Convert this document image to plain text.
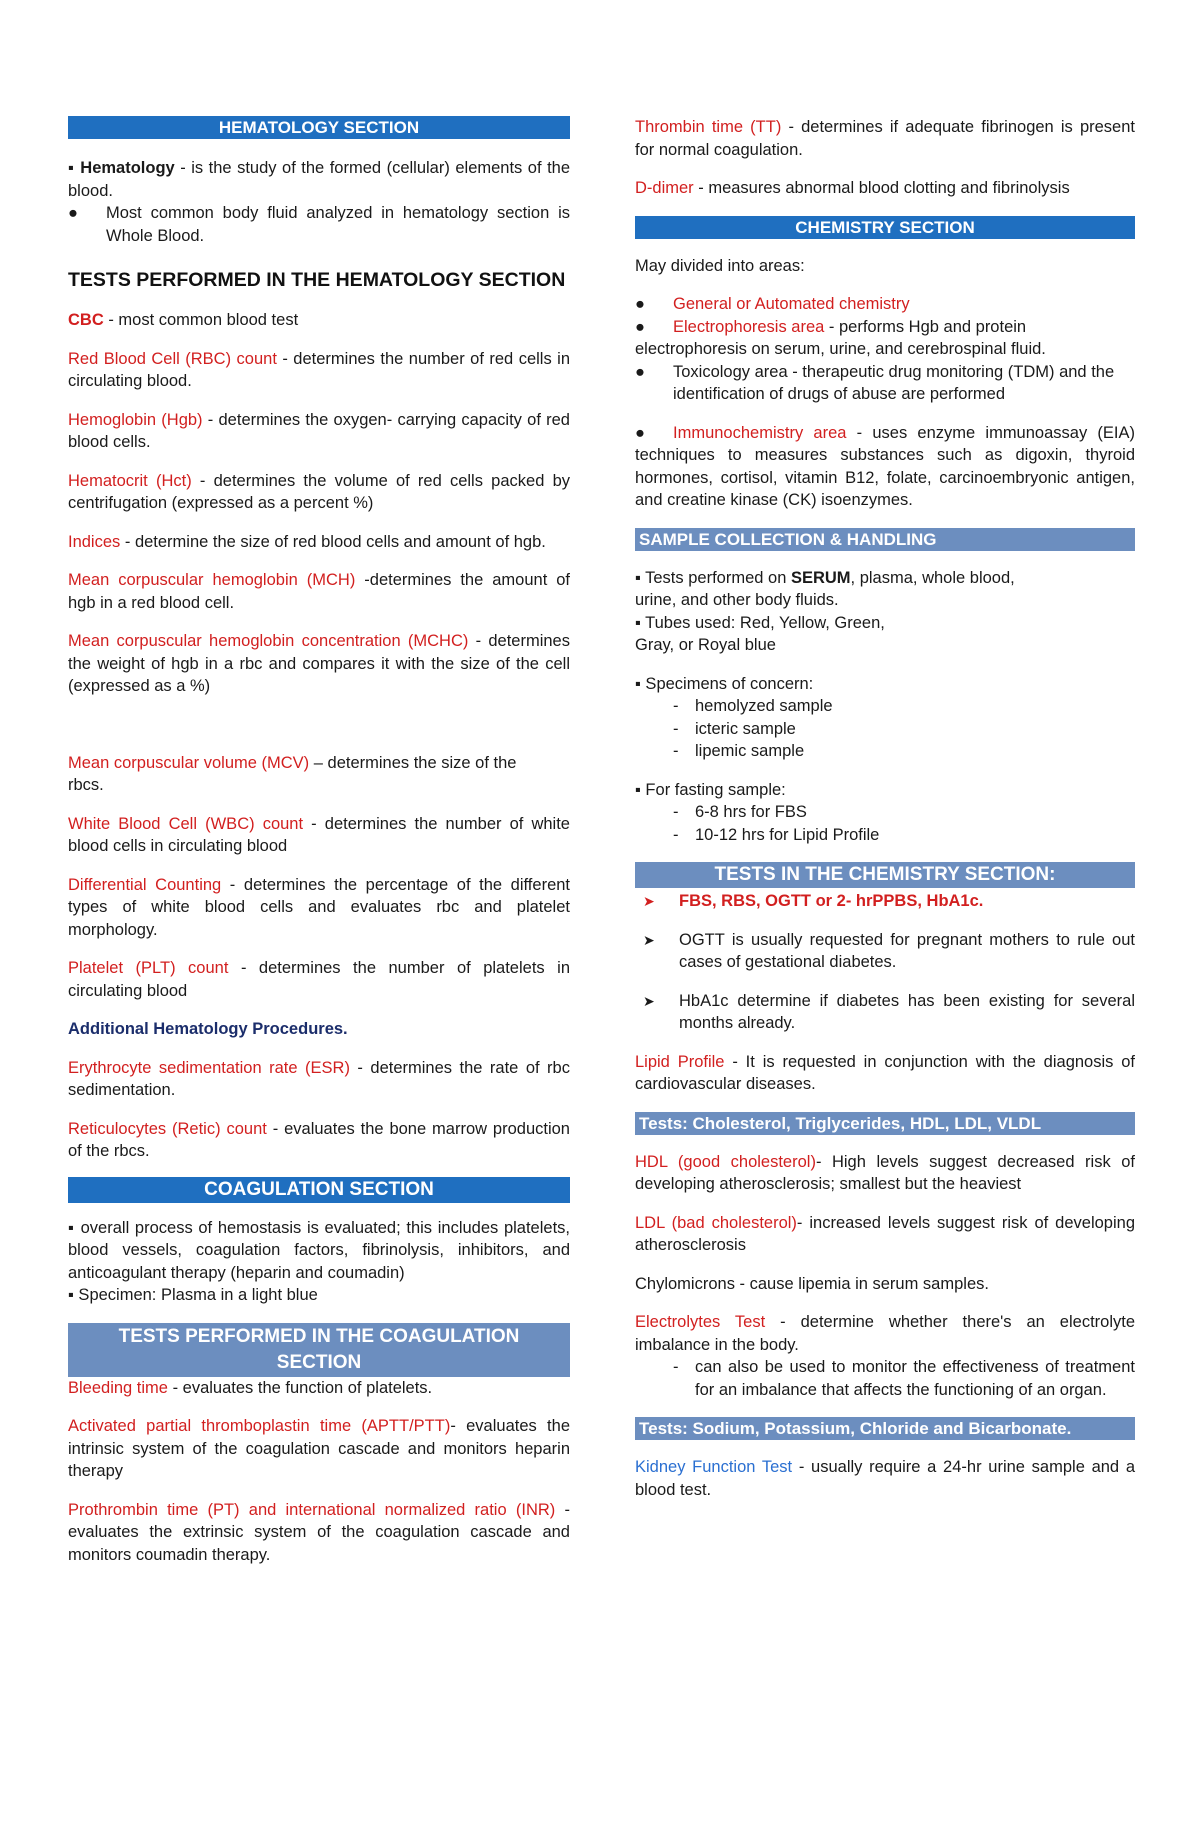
HEMATOLOGY SECTION

▪ Hematology - is the study of the formed (cellular) elements of the blood.

● Most common body fluid analyzed in hematology section is Whole Blood.

TESTS PERFORMED IN THE HEMATOLOGY SECTION

CBC - most common blood test

Red Blood Cell (RBC) count - determines the number of red cells in circulating blood.

Hemoglobin (Hgb) - determines the oxygen- carrying capacity of red blood cells.

Hematocrit (Hct) - determines the volume of red cells packed by centrifugation (expressed as a percent %)

Indices - determine the size of red blood cells and amount of hgb.

Mean corpuscular hemoglobin (MCH) -determines the amount of hgb in a red blood cell.

Mean corpuscular hemoglobin concentration (MCHC) - determines the weight of hgb in a rbc and compares it with the size of the cell (expressed as a %)

Mean corpuscular volume (MCV) – determines the size of the rbcs.

White Blood Cell (WBC) count - determines the number of white blood cells in circulating blood

Differential Counting - determines the percentage of the different types of white blood cells and evaluates rbc and platelet morphology.

Platelet (PLT) count - determines the number of platelets in circulating blood

Additional Hematology Procedures.

Erythrocyte sedimentation rate (ESR) - determines the rate of rbc sedimentation.

Reticulocytes (Retic) count - evaluates the bone marrow production of the rbcs.

COAGULATION SECTION

▪ overall process of hemostasis is evaluated; this includes platelets, blood vessels, coagulation factors, fibrinolysis, inhibitors, and anticoagulant therapy (heparin and coumadin)

▪ Specimen: Plasma in a light blue

TESTS PERFORMED IN THE COAGULATION SECTION

Bleeding time - evaluates the function of platelets.

Activated partial thromboplastin time (APTT/PTT)- evaluates the intrinsic system of the coagulation cascade and monitors heparin therapy

Prothrombin time (PT) and international normalized ratio (INR) - evaluates the extrinsic system of the coagulation cascade and monitors coumadin therapy.

Thrombin time (TT) - determines if adequate fibrinogen is present for normal coagulation.

D-dimer - measures abnormal blood clotting and fibrinolysis

CHEMISTRY SECTION

May divided into areas:

● General or Automated chemistry

● Electrophoresis area - performs Hgb and protein electrophoresis on serum, urine, and cerebrospinal fluid.

● Toxicology area - therapeutic drug monitoring (TDM) and the identification of drugs of abuse are performed

● Immunochemistry area - uses enzyme immunoassay (EIA) techniques to measures substances such as digoxin, thyroid hormones, cortisol, vitamin B12, folate, carcinoembryonic antigen, and creatine kinase (CK) isoenzymes.

SAMPLE COLLECTION & HANDLING

▪ Tests performed on SERUM, plasma, whole blood, urine, and other body fluids.

▪ Tubes used: Red, Yellow, Green, Gray, or Royal blue

▪ Specimens of concern:

- hemolyzed sample

- icteric sample

- lipemic sample

▪ For fasting sample:

- 6-8 hrs for FBS

- 10-12 hrs for Lipid Profile

TESTS IN THE CHEMISTRY SECTION:

➤ FBS, RBS, OGTT or 2- hrPPBS, HbA1c.

➤ OGTT is usually requested for pregnant mothers to rule out cases of gestational diabetes.

➤ HbA1c determine if diabetes has been existing for several months already.

Lipid Profile - It is requested in conjunction with the diagnosis of cardiovascular diseases.

Tests: Cholesterol, Triglycerides, HDL, LDL, VLDL

HDL (good cholesterol)- High levels suggest decreased risk of developing atherosclerosis; smallest but the heaviest

LDL (bad cholesterol)- increased levels suggest risk of developing atherosclerosis

Chylomicrons - cause lipemia in serum samples.

Electrolytes Test - determine whether there's an electrolyte imbalance in the body.

- can also be used to monitor the effectiveness of treatment for an imbalance that affects the functioning of an organ.

Tests: Sodium, Potassium, Chloride and Bicarbonate.

Kidney Function Test - usually require a 24-hr urine sample and a blood test.
